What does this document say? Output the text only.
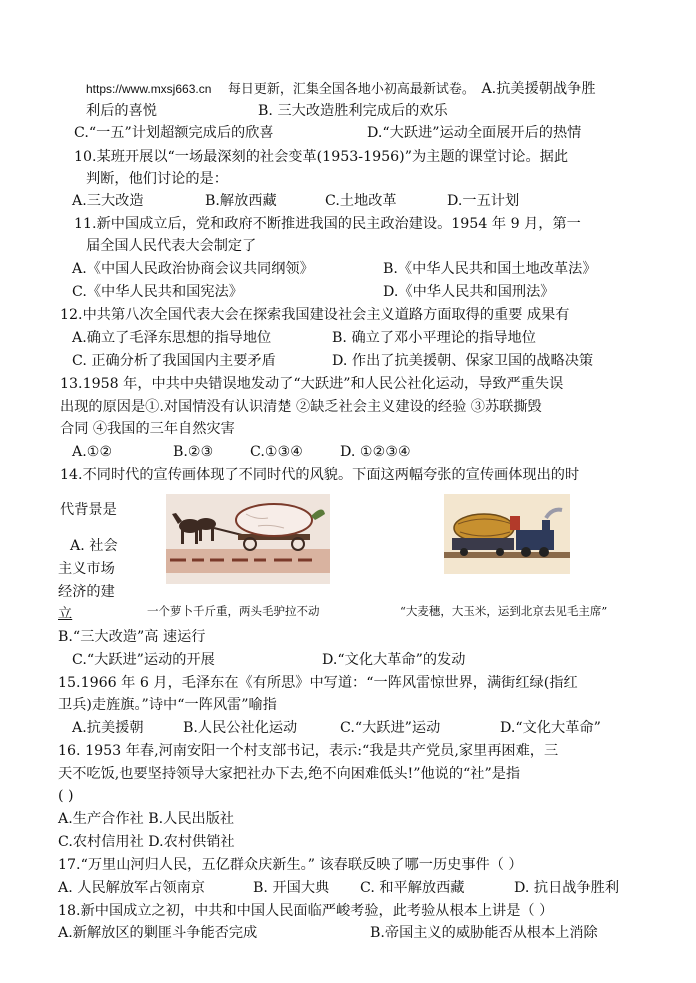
https://www.mxsj663.cn 每日更新，汇集全国各地小初高最新试卷。 A.抗美援朝战争胜
利后的喜悦	B. 三大改造胜利完成后的欢乐
C.“一五”计划超额完成后的欣喜	D.“大跃进”运动全面展开后的热情
10.某班开展以“一场最深刻的社会变革(1953-1956)”为主题的课堂讨论。据此
判断，他们讨论的是：
A.三大改造	B.解放西藏	C.土地改革	D.一五计划
11.新中国成立后，党和政府不断推进我国的民主政治建设。1954 年 9 月，第一
届全国人民代表大会制定了
A.《中国人民政治协商会议共同纲领》	B.《中华人民共和国土地改革法》
C.《中华人民共和国宪法》	D.《中华人民共和国刑法》
12.中共第八次全国代表大会在探索我国建设社会主义道路方面取得的重要 成果有
A.确立了毛泽东思想的指导地位	B. 确立了邓小平理论的指导地位
C. 正确分析了我国国内主要矛盾	D. 作出了抗美援朝、保家卫国的战略决策
13.1958 年，中共中央错误地发动了“大跃进”和人民公社化运动，导致严重失误
出现的原因是①.对国情没有认识清楚 ②缺乏社会主义建设的经验 ③苏联撕毁
合同 ④我国的三年自然灾害
A.①②	B.②③	C.①③④	D. ①②③④
14.不同时代的宣传画体现了不同时代的风貌。下面这两幅夸张的宣传画体现出的时
代背景是
A. 社会
主义市场
经济的建
立	一个萝卜千斤重，两头毛驴拉不动	“大麦穗，大玉米，运到北京去见毛主席”
B.“三大改造”高 速运行
C.“大跃进”运动的开展	D.“文化大革命”的发动
15.1966 年 6 月，毛泽东在《有所思》中写道：“一阵风雷惊世界，满街红绿(指红
卫兵)走旌旗。”诗中“一阵风雷”喻指
A.抗美援朝	B.人民公社化运动	C.“大跃进”运动	D.“文化大革命”
16. 1953 年春,河南安阳一个村支部书记，表示:“我是共产党员,家里再困难，三
天不吃饭,也要坚持领导大家把社办下去,绝不向困难低头!”他说的“社”是指
( )
A.生产合作社 B.人民出版社
C.农村信用社 D.农村供销社
17.“万里山河归人民，五亿群众庆新生。” 该春联反映了哪一历史事件（ ）
A. 人民解放军占领南京	B. 开国大典 C. 和平解放西藏	D. 抗日战争胜利
18.新中国成立之初，中共和中国人民面临严峻考验，此考验从根本上讲是（ ）
A.新解放区的剿匪斗争能否完成	B.帝国主义的威胁能否从根本上消除
